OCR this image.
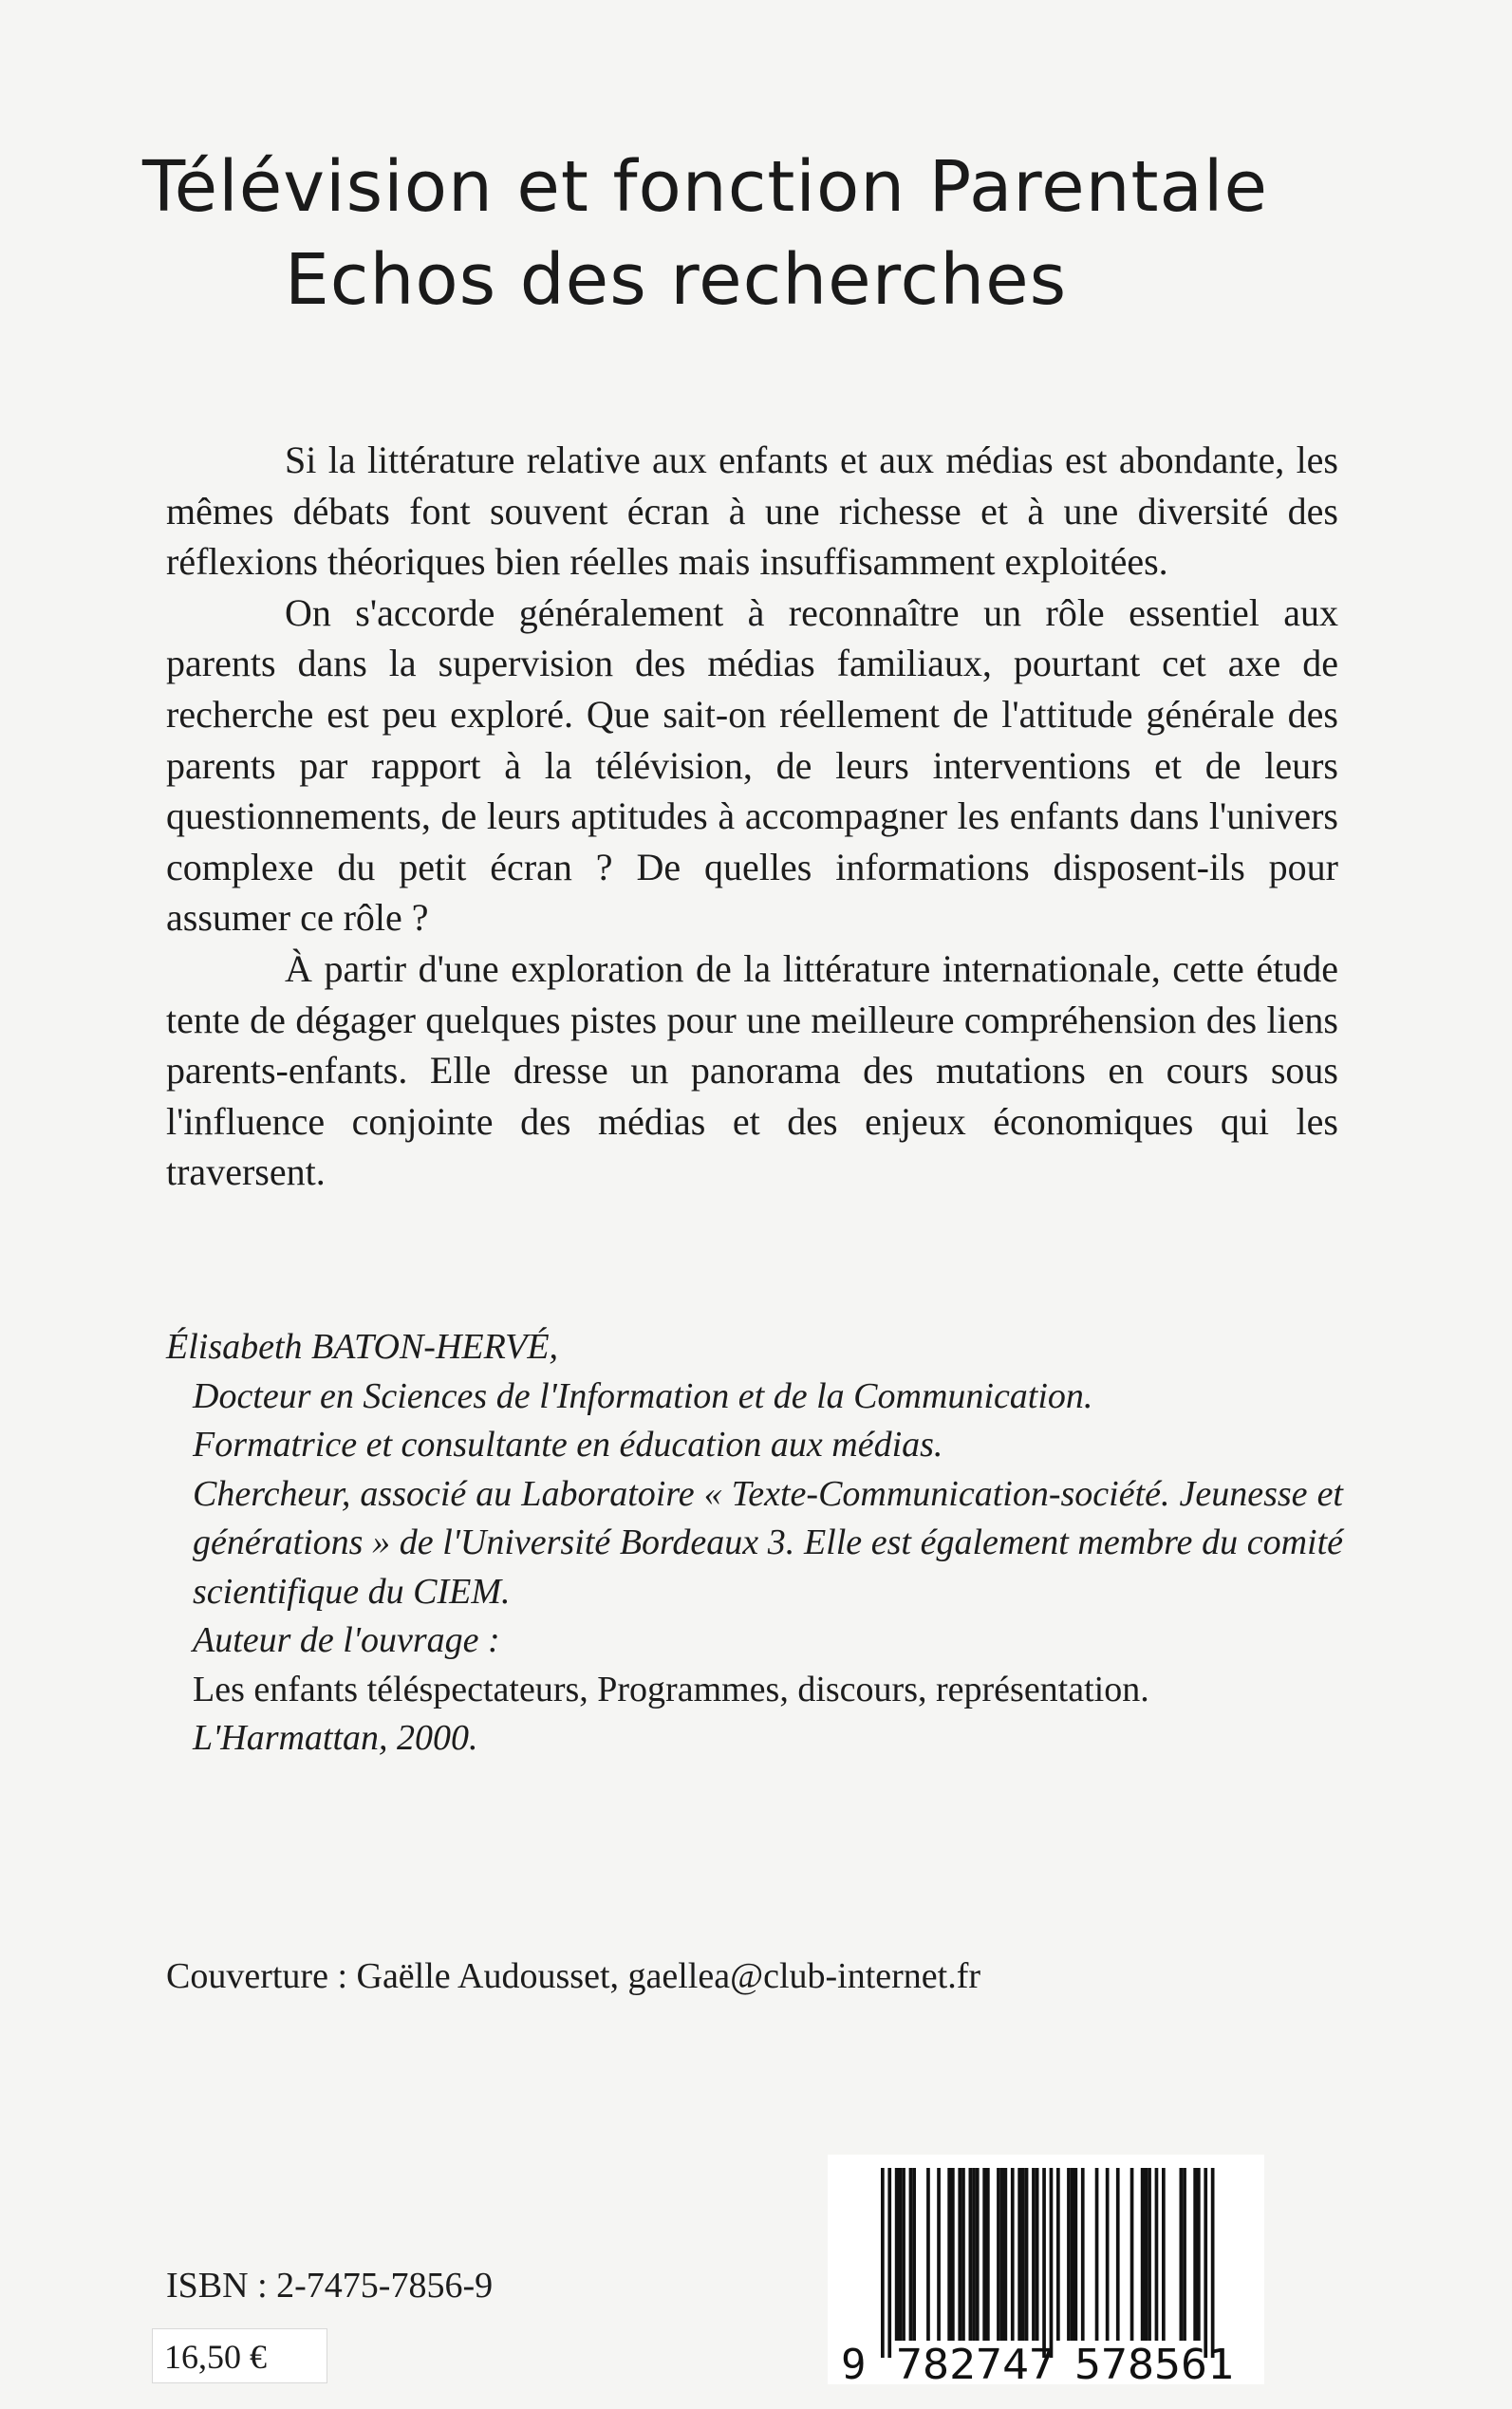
Télévision et fonction Parentale
Echos des recherches

Si la littérature relative aux enfants et aux médias est abondante, les mêmes débats font souvent écran à une richesse et à une diversité des réflexions théoriques bien réelles mais insuffisamment exploitées.

On s'accorde généralement à reconnaître un rôle essentiel aux parents dans la supervision des médias familiaux, pourtant cet axe de recherche est peu exploré. Que sait-on réellement de l'attitude générale des parents par rapport à la télévision, de leurs interventions et de leurs questionnements, de leurs aptitudes à accompagner les enfants dans l'univers complexe du petit écran ? De quelles informations disposent-ils pour assumer ce rôle ?

À partir d'une exploration de la littérature internationale, cette étude tente de dégager quelques pistes pour une meilleure compréhension des liens parents-enfants. Elle dresse un panorama des mutations en cours sous l'influence conjointe des médias et des enjeux économiques qui les traversent.

Élisabeth BATON-HERVÉ,
Docteur en Sciences de l'Information et de la Communication.
Formatrice et consultante en éducation aux médias.
Chercheur, associé au Laboratoire « Texte-Communication-société. Jeunesse et générations » de l'Université Bordeaux 3. Elle est également membre du comité scientifique du CIEM.
Auteur de l'ouvrage :
Les enfants téléspectateurs, Programmes, discours, représentation.
L'Harmattan, 2000.
Couverture : Gaëlle Audousset, gaellea@club-internet.fr
ISBN : 2-7475-7856-9
16,50 €	9 782747 578561
